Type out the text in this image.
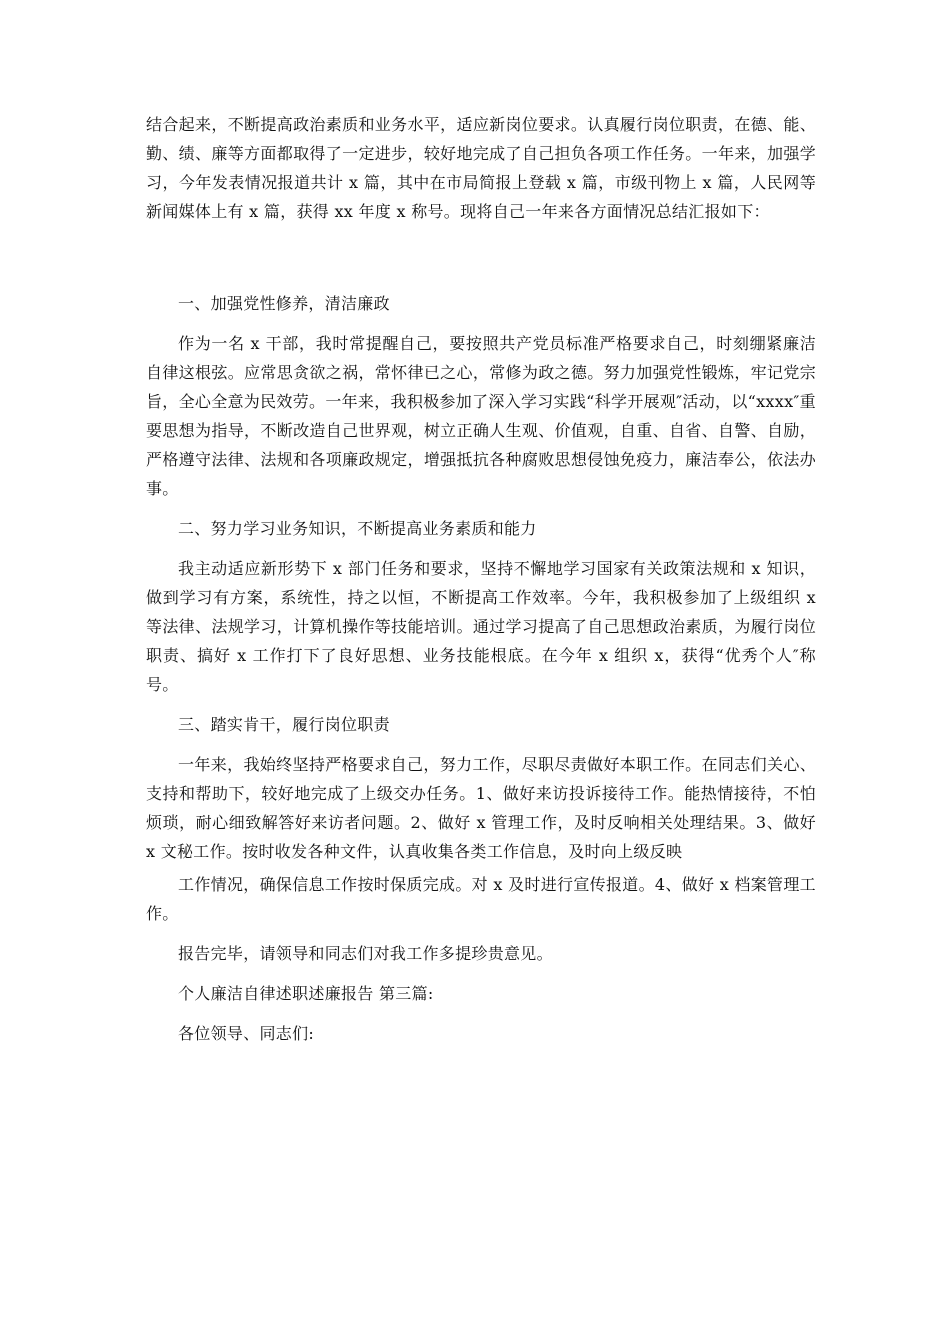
结合起来，不断提高政治素质和业务水平，适应新岗位要求。认真履行岗位职责，在德、能、勤、绩、廉等方面都取得了一定进步，较好地完成了自己担负各项工作任务。一年来，加强学习，今年发表情况报道共计 x 篇，其中在市局简报上登载 x 篇，市级刊物上 x 篇，人民网等新闻媒体上有 x 篇，获得 xx 年度 x 称号。现将自己一年来各方面情况总结汇报如下：

一、加强党性修养，清洁廉政

作为一名 x 干部，我时常提醒自己，要按照共产党员标准严格要求自己，时刻绷紧廉洁自律这根弦。应常思贪欲之祸，常怀律已之心，常修为政之德。努力加强党性锻炼，牢记党宗旨，全心全意为民效劳。一年来，我积极参加了深入学习实践“科学开展观″活动，以“xxxx″重要思想为指导，不断改造自己世界观，树立正确人生观、价值观，自重、自省、自警、自励，严格遵守法律、法规和各项廉政规定，增强抵抗各种腐败思想侵蚀免疫力，廉洁奉公，依法办事。

二、努力学习业务知识，不断提高业务素质和能力

我主动适应新形势下 x 部门任务和要求，坚持不懈地学习国家有关政策法规和 x 知识，做到学习有方案，系统性，持之以恒，不断提高工作效率。今年，我积极参加了上级组织 x 等法律、法规学习，计算机操作等技能培训。通过学习提高了自己思想政治素质，为履行岗位职责、搞好 x 工作打下了良好思想、业务技能根底。在今年 x 组织 x，获得“优秀个人″称号。

三、踏实肯干，履行岗位职责

一年来，我始终坚持严格要求自己，努力工作，尽职尽责做好本职工作。在同志们关心、支持和帮助下，较好地完成了上级交办任务。1、做好来访投诉接待工作。能热情接待，不怕烦琐，耐心细致解答好来访者问题。2、做好 x 管理工作，及时反响相关处理结果。3、做好 x 文秘工作。按时收发各种文件，认真收集各类工作信息，及时向上级反映

工作情况，确保信息工作按时保质完成。对 x 及时进行宣传报道。4、做好 x 档案管理工作。

报告完毕，请领导和同志们对我工作多提珍贵意见。

个人廉洁自律述职述廉报告 第三篇:

各位领导、同志们:
